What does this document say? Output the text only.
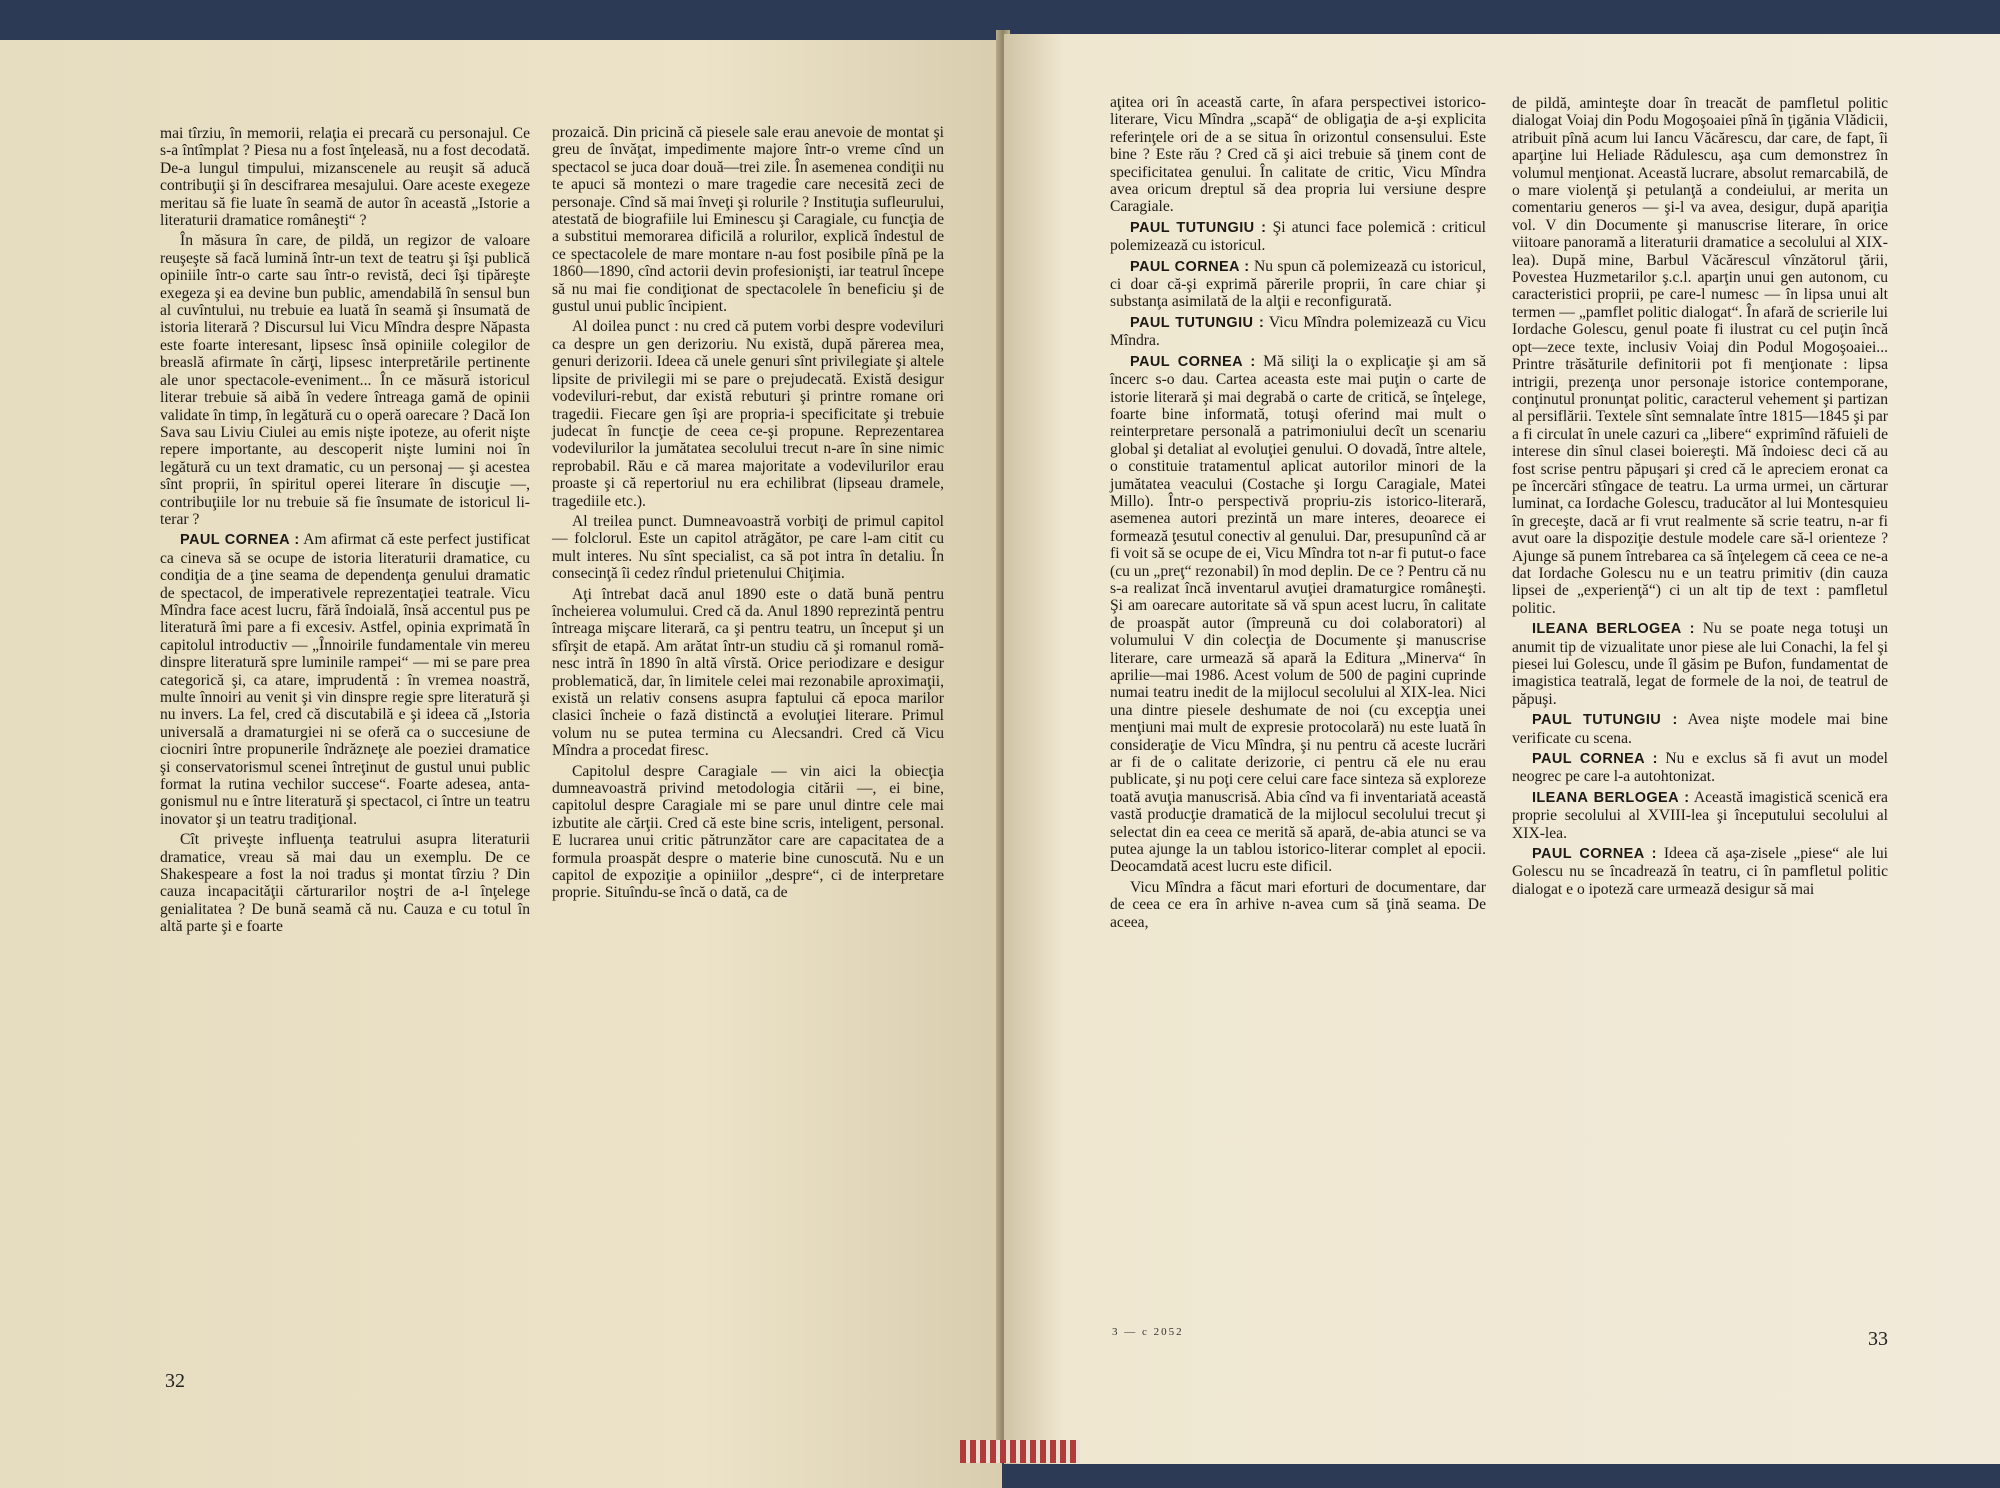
mai tîrziu, în memorii, relaţia ei precară cu personajul. Ce s-a întîmplat ? Piesa nu a fost înţeleasă, nu a fost decodată. De-a lungul timpului, mizanscenele au reuşit să aducă contribuţii şi în descifrarea mesajului. Oare aceste exegeze meritau să fie luate în seamă de autor în această „Istorie a literaturii dramatice româneşti“ ?

În măsura în care, de pildă, un regizor de valoare reuşeşte să facă lumină într-un text de teatru şi îşi publică opiniile într-o carte sau într-o revistă, deci îşi tipăreşte exegeza şi ea devine bun public, amendabilă în sensul bun al cuvîntului, nu trebuie ea luată în seamă şi însumată de istoria literară ? Discursul lui Vicu Mîndra despre Năpasta este foarte interesant, lipsesc însă opiniile colegilor de breaslă afirmate în cărţi, lipsesc interpretările pertinente ale unor spectacole-eveniment... În ce măsură istoricul literar trebuie să aibă în vedere întreaga gamă de opinii validate în timp, în legătură cu o operă oarecare ? Dacă Ion Sava sau Liviu Ciulei au emis nişte ipoteze, au oferit nişte repere importante, au descoperit nişte lumini noi în legătură cu un text dramatic, cu un personaj — şi acestea sînt proprii, în spiritul operei literare în discuţie —, contribuţiile lor nu trebuie să fie însumate de istoricul literar ?

PAUL CORNEA : Am afirmat că este perfect justificat ca cineva să se ocupe de istoria literaturii dramatice, cu condiţia de a ţine seama de dependenţa genului dramatic de spectacol, de imperativele reprezentaţiei teatrale. Vicu Mîndra face acest lucru, fără îndoială, însă accentul pus pe literatură îmi pare a fi excesiv. Astfel, opinia exprimată în capitolul introductiv — „Înnoirile fundamentale vin mereu dinspre literatură spre luminile rampei“ — mi se pare prea categorică şi, ca atare, imprudentă : în vremea noastră, multe înnoiri au venit şi vin dinspre regie spre literatură şi nu invers. La fel, cred că discutabilă e şi ideea că „Istoria universală a dramaturgiei ni se oferă ca o succesiune de ciocniri între propunerile îndrăzneţe ale poeziei dramatice şi conservatorismul scenei întreţinut de gustul unui public format la rutina vechilor succese“. Foarte adesea, antagonismul nu e între literatură şi spectacol, ci între un teatru inovator şi un teatru tradiţional.

Cît priveşte influenţa teatrului asupra literaturii dramatice, vreau să mai dau un exemplu. De ce Shakespeare a fost la noi tradus şi montat tîrziu ? Din cauza incapacităţii cărturarilor noştri de a-l înţelege genialitatea ? De bună seamă că nu. Cauza e cu totul în altă parte şi e foarte

prozaică. Din pricină că piesele sale erau anevoie de montat şi greu de învăţat, impedimente majore într-o vreme cînd un spectacol se juca doar două—trei zile. În asemenea condiţii nu te apuci să montezi o mare tragedie care necesită zeci de personaje. Cînd să mai înveţi şi rolurile ? Instituţia sufleurului, atestată de biografiile lui Eminescu şi Caragiale, cu funcţia de a substitui memorarea dificilă a rolurilor, explică îndestul de ce spectacolele de mare montare n-au fost posibile pînă pe la 1860—1890, cînd actorii devin profesionişti, iar teatrul începe să nu mai fie condiţionat de spectacolele în beneficiu şi de gustul unui public încipient.

Al doilea punct : nu cred că putem vorbi despre vodeviluri ca despre un gen derizoriu. Nu există, după părerea mea, genuri derizorii. Ideea că unele genuri sînt privilegiate şi altele lipsite de privilegii mi se pare o prejudecată. Există desigur vodeviluri-rebut, dar există rebuturi şi printre romane ori tragedii. Fiecare gen îşi are propria-i specificitate şi trebuie judecat în funcţie de ceea ce-şi propune. Reprezentarea vodevilurilor la jumătatea secolului trecut n-are în sine nimic reprobabil. Rău e că marea majoritate a vodevilurilor erau proaste şi că repertoriul nu era echilibrat (lipseau dramele, tragediile etc.).

Al treilea punct. Dumneavoastră vorbiţi de primul capitol — folclorul. Este un capitol atrăgător, pe care l-am citit cu mult interes. Nu sînt specialist, ca să pot intra în detaliu. În consecinţă îi cedez rîndul prietenului Chiţimia.

Aţi întrebat dacă anul 1890 este o dată bună pentru încheierea volumului. Cred că da. Anul 1890 reprezintă pentru întreaga mişcare literară, ca şi pentru teatru, un început şi un sfîrşit de etapă. Am arătat într-un studiu că şi romanul romănesc intră în 1890 în altă vîrstă. Orice periodizare e desigur problematică, dar, în limitele celei mai rezonabile aproximaţii, există un relativ consens asupra faptului că epoca marilor clasici încheie o fază distinctă a evoluţiei literare. Primul volum nu se putea termina cu Alecsandri. Cred că Vicu Mîndra a procedat firesc.

Capitolul despre Caragiale — vin aici la obiecţia dumneavoastră privind metodologia citării —, ei bine, capitolul despre Caragiale mi se pare unul dintre cele mai izbutite ale cărţii. Cred că este bine scris, inteligent, personal. E lucrarea unui critic pătrunzător care are capacitatea de a formula proaspăt despre o materie bine cunoscută. Nu e un capitol de expoziţie a opiniilor „despre“, ci de interpretare proprie. Situîndu-se încă o dată, ca de

32

aţitea ori în această carte, în afara perspectivei istorico-literare, Vicu Mîndra „scapă“ de obligaţia de a-şi explicita referinţele ori de a se situa în orizontul consensului. Este bine ? Este rău ? Cred că şi aici trebuie să ţinem cont de specificitatea genului. În calitate de critic, Vicu Mîndra avea oricum dreptul să dea propria lui versiune despre Caragiale.

PAUL TUTUNGIU : Şi atunci face polemică : criticul polemizează cu istoricul.

PAUL CORNEA : Nu spun că polemizează cu istoricul, ci doar că-şi exprimă părerile proprii, în care chiar şi substanţa asimilată de la alţii e reconfigurată.

PAUL TUTUNGIU : Vicu Mîndra polemizează cu Vicu Mîndra.

PAUL CORNEA : Mă siliţi la o explicaţie şi am să încerc s-o dau. Cartea aceasta este mai puţin o carte de istorie literară şi mai degrabă o carte de critică, se înţelege, foarte bine informată, totuşi oferind mai mult o reinterpretare personală a patrimoniului decît un scenariu global şi detaliat al evoluţiei genului. O dovadă, între altele, o constituie tratamentul aplicat autorilor minori de la jumătatea veacului (Costache şi Iorgu Caragiale, Matei Millo). Într-o perspectivă propriu-zis istorico-literară, asemenea autori prezintă un mare interes, deoarece ei formează ţesutul conectiv al genului. Dar, presupunînd că ar fi voit să se ocupe de ei, Vicu Mîndra tot n-ar fi putut-o face (cu un „preţ“ rezonabil) în mod deplin. De ce ? Pentru că nu s-a realizat încă inventarul avuţiei dramaturgice româneşti. Şi am oarecare autoritate să vă spun acest lucru, în calitate de proaspăt autor (împreună cu doi colaboratori) al volumului V din colecţia de Documente şi manuscrise literare, care urmează să apară la Editura „Minerva“ în aprilie—mai 1986. Acest volum de 500 de pagini cuprinde numai teatru inedit de la mijlocul secolului al XIX-lea. Nici una dintre piesele deshumate de noi (cu excepţia unei menţiuni mai mult de expresie protocolară) nu este luată în consideraţie de Vicu Mîndra, şi nu pentru că aceste lucrări ar fi de o calitate derizorie, ci pentru că ele nu erau publicate, şi nu poţi cere celui care face sinteza să exploreze toată avuţia manuscrisă. Abia cînd va fi inventariată această vastă producţie dramatică de la mijlocul secolului trecut şi selectat din ea ceea ce merită să apară, de-abia atunci se va putea ajunge la un tablou istorico-literar complet al epocii. Deocamdată acest lucru este dificil.

Vicu Mîndra a făcut mari eforturi de documentare, dar de ceea ce era în arhive n-avea cum să ţină seama. De aceea,

de pildă, aminteşte doar în treacăt de pamfletul politic dialogat Voiaj din Podu Mogoşoaiei pînă în ţigănia Vlădicii, atribuit pînă acum lui Iancu Văcărescu, dar care, de fapt, îi aparţine lui Heliade Rădulescu, aşa cum demonstrez în volumul menţionat. Această lucrare, absolut remarcabilă, de o mare violenţă şi petulanţă a condeiului, ar merita un comentariu generos — şi-l va avea, desigur, după apariţia vol. V din Documente şi manuscrise literare, în orice viitoare panoramă a literaturii dramatice a secolului al XIX-lea). După mine, Barbul Văcărescul vînzătorul ţării, Povestea Huzmetarilor ş.c.l. aparţin unui gen autonom, cu caracteristici proprii, pe care-l numesc — în lipsa unui alt termen — „pamflet politic dialogat“. În afară de scrierile lui Iordache Golescu, genul poate fi ilustrat cu cel puţin încă opt—zece texte, inclusiv Voiaj din Podul Mogoşoaiei... Printre trăsăturile definitorii pot fi menţionate : lipsa intrigii, prezenţa unor personaje istorice contemporane, conţinutul pronunţat politic, caracterul vehement şi partizan al persiflării. Textele sînt semnalate între 1815—1845 şi par a fi circulat în unele cazuri ca „libere“ exprimînd răfuieli de interese din sînul clasei boiereşti. Mă îndoiesc deci că au fost scrise pentru păpuşari şi cred că le apreciem eronat ca pe încercări stîngace de teatru. La urma urmei, un cărturar luminat, ca Iordache Golescu, traducător al lui Montesquieu în greceşte, dacă ar fi vrut realmente să scrie teatru, n-ar fi avut oare la dispoziţie destule modele care să-l orienteze ? Ajunge să punem întrebarea ca să înţelegem că ceea ce ne-a dat Iordache Golescu nu e un teatru primitiv (din cauza lipsei de „experienţă“) ci un alt tip de text : pamfletul politic.

ILEANA BERLOGEA : Nu se poate nega totuşi un anumit tip de vizualitate unor piese ale lui Conachi, la fel şi piesei lui Golescu, unde îl găsim pe Bufon, fundamentat de imagistica teatrală, legat de formele de la noi, de teatrul de păpuşi.

PAUL TUTUNGIU : Avea nişte modele mai bine verificate cu scena.

PAUL CORNEA : Nu e exclus să fi avut un model neogrec pe care l-a autohtonizat.

ILEANA BERLOGEA : Această imagistică scenică era proprie secolului al XVIII-lea şi începutului secolului al XIX-lea.

PAUL CORNEA : Ideea că aşa-zisele „piese“ ale lui Golescu nu se încadrează în teatru, ci în pamfletul politic dialogat e o ipoteză care urmează desigur să mai

3 — c 2052	33
